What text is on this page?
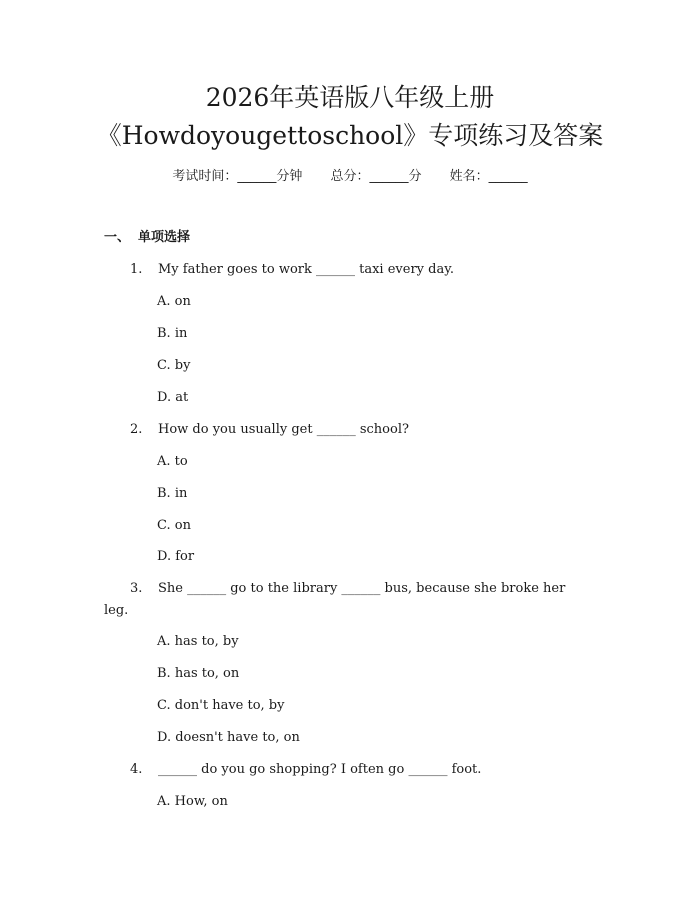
2026年英语版八年级上册
《Howdoyougettoschool》专项练习及答案
考试时间：______分钟 总分：______分 姓名：______
一、 单项选择
1. My father goes to work ______ taxi every day.
A. on
B. in
C. by
D. at
2. How do you usually get ______ school?
A. to
B. in
C. on
D. for
3. She ______ go to the library ______ bus, because she broke her
leg.
A. has to, by
B. has to, on
C. don't have to, by
D. doesn't have to, on
4. ______ do you go shopping? I often go ______ foot.
A. How, on
